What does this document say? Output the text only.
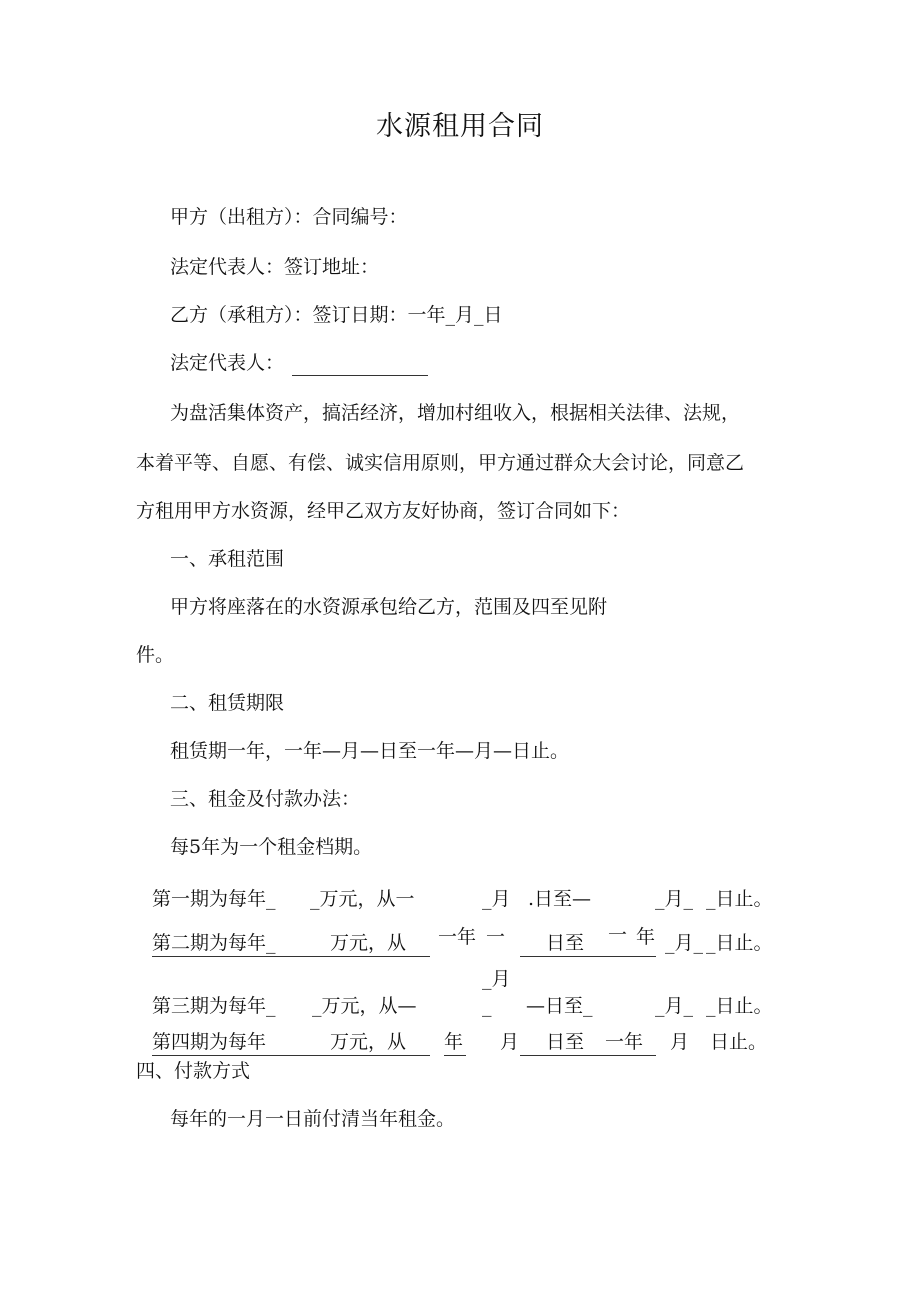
水源租用合同
甲方（出租方）：合同编号：
法定代表人：签订地址：
乙方（承租方）：签订日期：一年_月_日
法定代表人：
为盘活集体资产，搞活经济，增加村组收入，根据相关法律、法规，
本着平等、自愿、有偿、诚实信用原则，甲方通过群众大会讨论，同意乙
方租用甲方水资源，经甲乙双方友好协商，签订合同如下：
一、承租范围
甲方将座落在的水资源承包给乙方，范围及四至见附
件。
二、租赁期限
租赁期一年，一年—月—日至一年—月—日止。
三、租金及付款办法：
每5年为一个租金档期。
第一期为每年_ _万元，从一	_月 .日至—	_月_ _日止。
第二期为每年_	万元，从 一年 一 日至 一 年 _月_ _日止。
_月
第三期为每年_ _万元，从—	_ —日至_	_月_ _日止。
第四期为每年	万元，从 年 月 日至 一年 月 日止。
四、付款方式
每年的一月一日前付清当年租金。
